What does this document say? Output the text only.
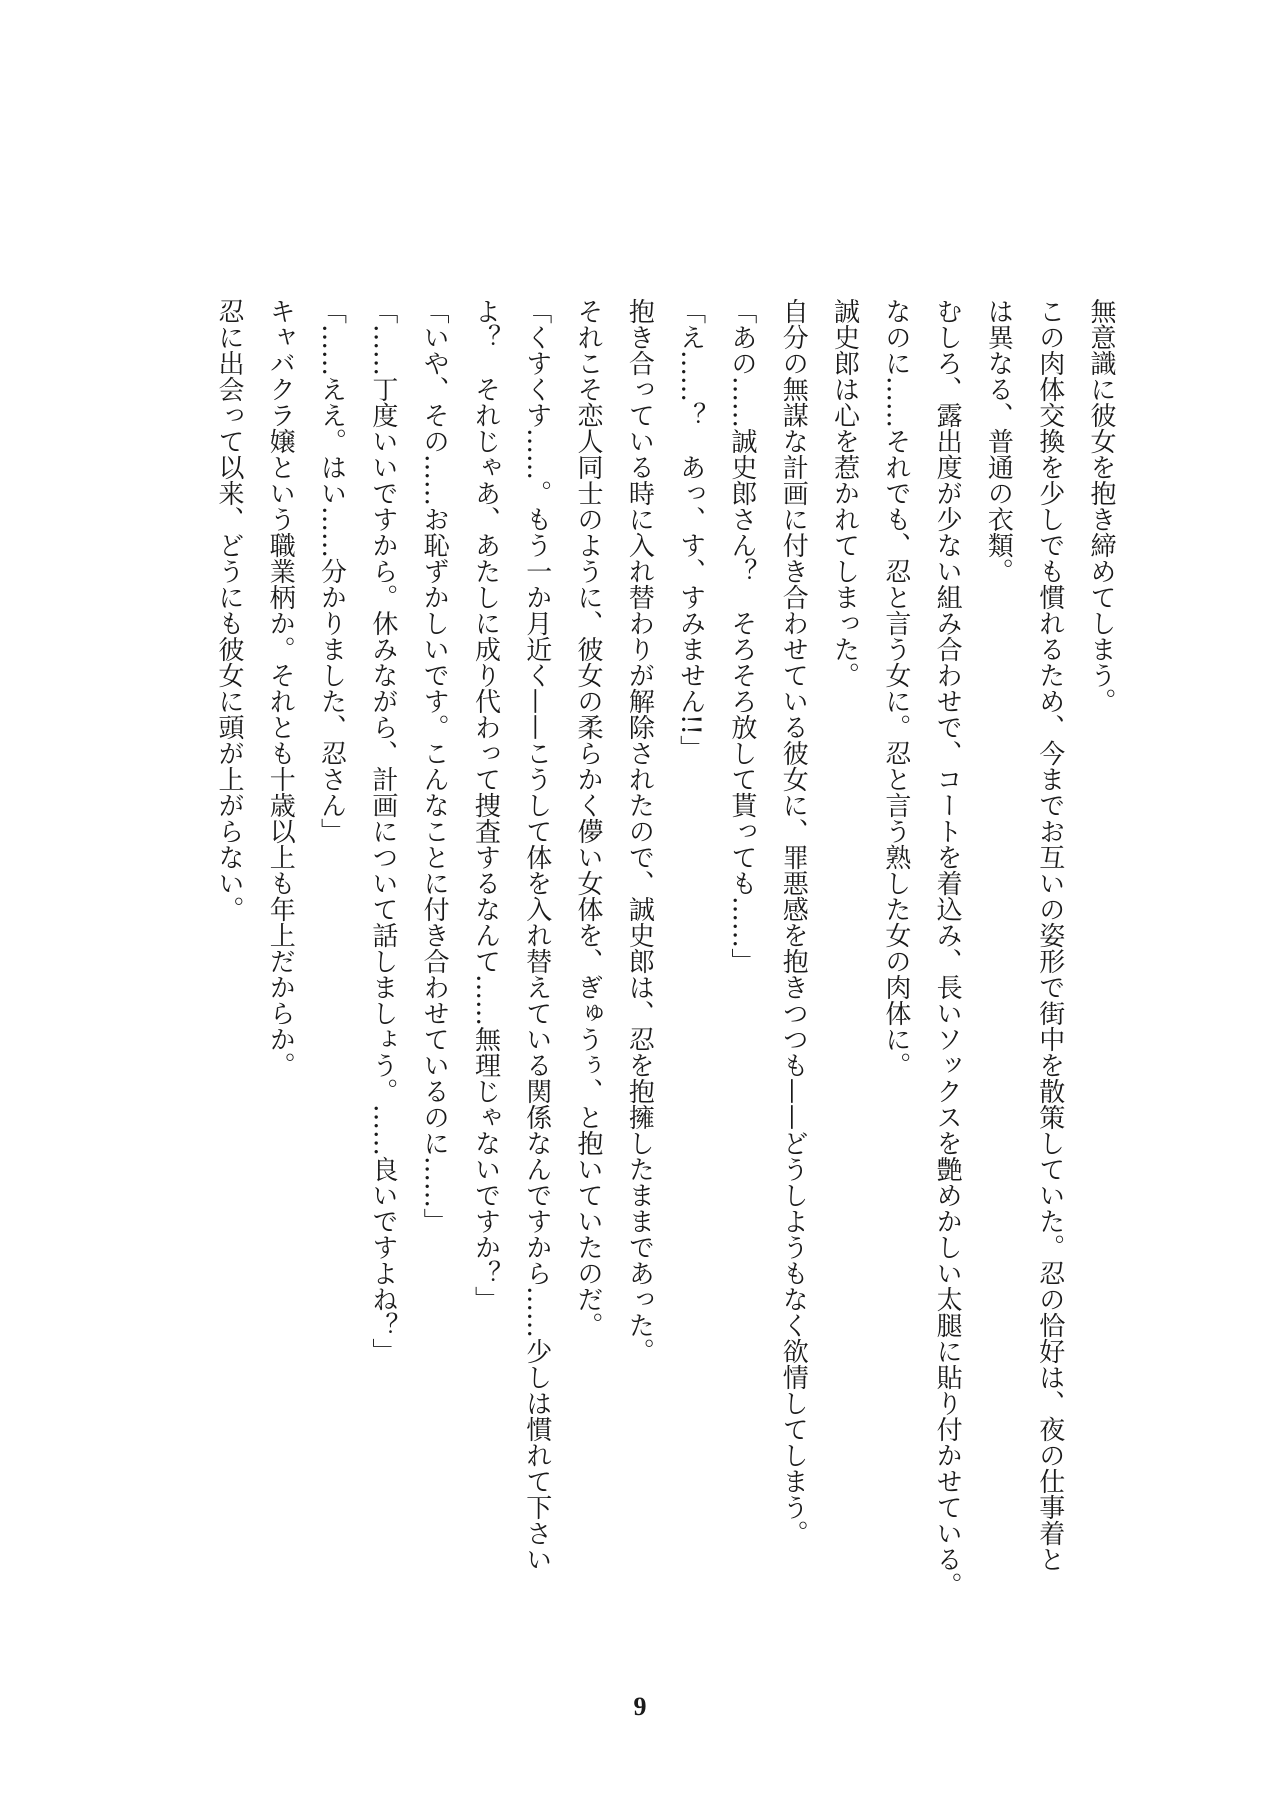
無意識に彼女を抱き締めてしまう。

この肉体交換を少しでも慣れるため、今までお互いの姿形で街中を散策していた。忍の恰好は、夜の仕事着と

は異なる、普通の衣類。

むしろ、露出度が少ない組み合わせで、コートを着込み、長いソックスを艶めかしい太腿に貼り付かせている。

なのに……それでも、忍と言う女に。忍と言う熟した女の肉体に。

誠史郎は心を惹かれてしまった。

自分の無謀な計画に付き合わせている彼女に、罪悪感を抱きつつも——どうしようもなく欲情してしまう。

「あの……誠史郎さん？　そろそろ放して貰っても……」

「え……？　あっ、す、すみません!!」

抱き合っている時に入れ替わりが解除されたので、誠史郎は、忍を抱擁したままであった。

それこそ恋人同士のように、彼女の柔らかく儚い女体を、ぎゅうぅ、と抱いていたのだ。

「くすくす……。もう一か月近く——こうして体を入れ替えている関係なんですから……少しは慣れて下さい

よ？　それじゃあ、あたしに成り代わって捜査するなんて……無理じゃないですか？」

「いや、その……お恥ずかしいです。こんなことに付き合わせているのに……」

「……丁度いいですから。休みながら、計画について話しましょう。……良いですよね？」

「……ええ。はい……分かりました、忍さん」

キャバクラ嬢という職業柄か。それとも十歳以上も年上だからか。

忍に出会って以来、どうにも彼女に頭が上がらない。

9
